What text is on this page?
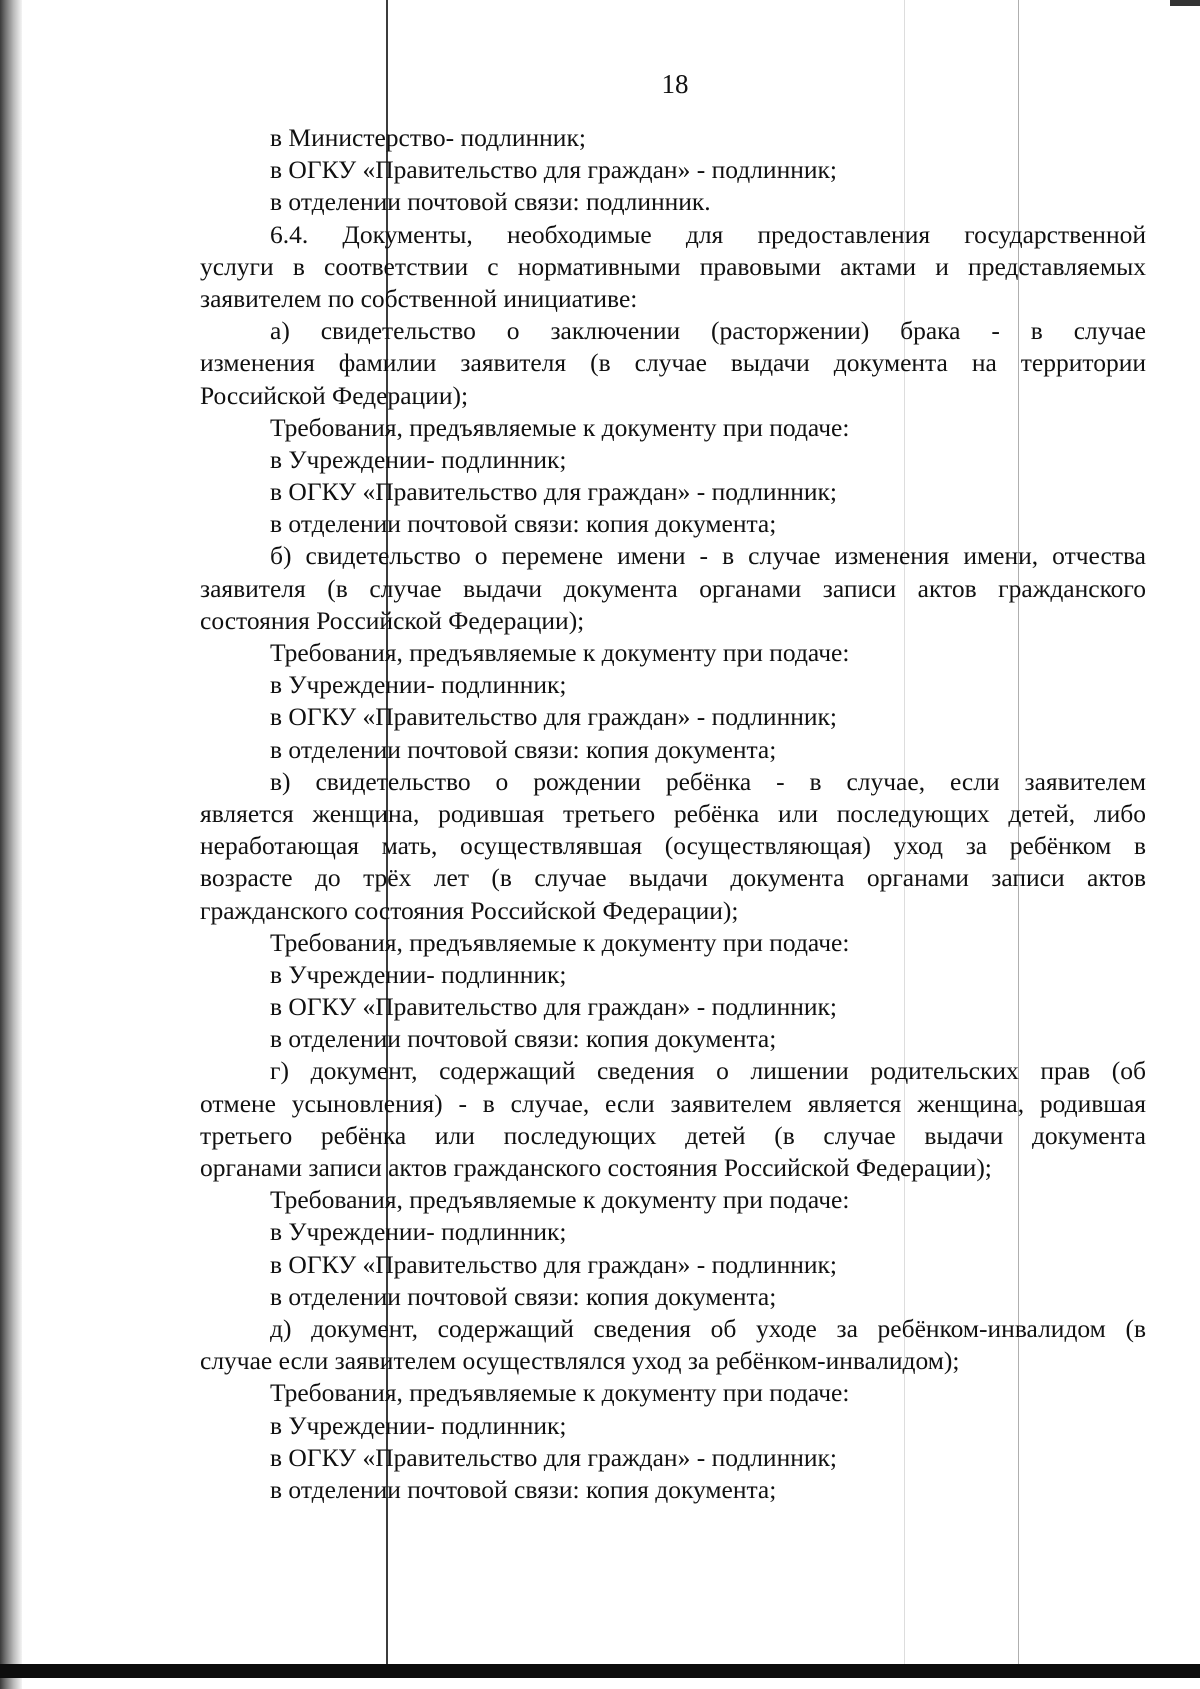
18
в Министерство- подлинник;
в ОГКУ «Правительство для граждан» - подлинник;
в отделении почтовой связи: подлинник.
6.4. Документы, необходимые для предоставления государственной
услуги в соответствии с нормативными правовыми актами и представляемых
заявителем по собственной инициативе:
а) свидетельство о заключении (расторжении) брака - в случае
изменения фамилии заявителя (в случае выдачи документа на территории
Российской Федерации);
Требования, предъявляемые к документу при подаче:
в Учреждении- подлинник;
в ОГКУ «Правительство для граждан» - подлинник;
в отделении почтовой связи: копия документа;
б) свидетельство о перемене имени - в случае изменения имени, отчества
заявителя (в случае выдачи документа органами записи актов гражданского
состояния Российской Федерации);
Требования, предъявляемые к документу при подаче:
в Учреждении- подлинник;
в ОГКУ «Правительство для граждан» - подлинник;
в отделении почтовой связи: копия документа;
в) свидетельство о рождении ребёнка - в случае, если заявителем
является женщина, родившая третьего ребёнка или последующих детей, либо
неработающая мать, осуществлявшая (осуществляющая) уход за ребёнком в
возрасте до трёх лет (в случае выдачи документа органами записи актов
гражданского состояния Российской Федерации);
Требования, предъявляемые к документу при подаче:
в Учреждении- подлинник;
в ОГКУ «Правительство для граждан» - подлинник;
в отделении почтовой связи: копия документа;
г) документ, содержащий сведения о лишении родительских прав (об
отмене усыновления) - в случае, если заявителем является женщина, родившая
третьего ребёнка или последующих детей (в случае выдачи документа
органами записи актов гражданского состояния Российской Федерации);
Требования, предъявляемые к документу при подаче:
в Учреждении- подлинник;
в ОГКУ «Правительство для граждан» - подлинник;
в отделении почтовой связи: копия документа;
д) документ, содержащий сведения об уходе за ребёнком-инвалидом (в
случае если заявителем осуществлялся уход за ребёнком-инвалидом);
Требования, предъявляемые к документу при подаче:
в Учреждении- подлинник;
в ОГКУ «Правительство для граждан» - подлинник;
в отделении почтовой связи: копия документа;
